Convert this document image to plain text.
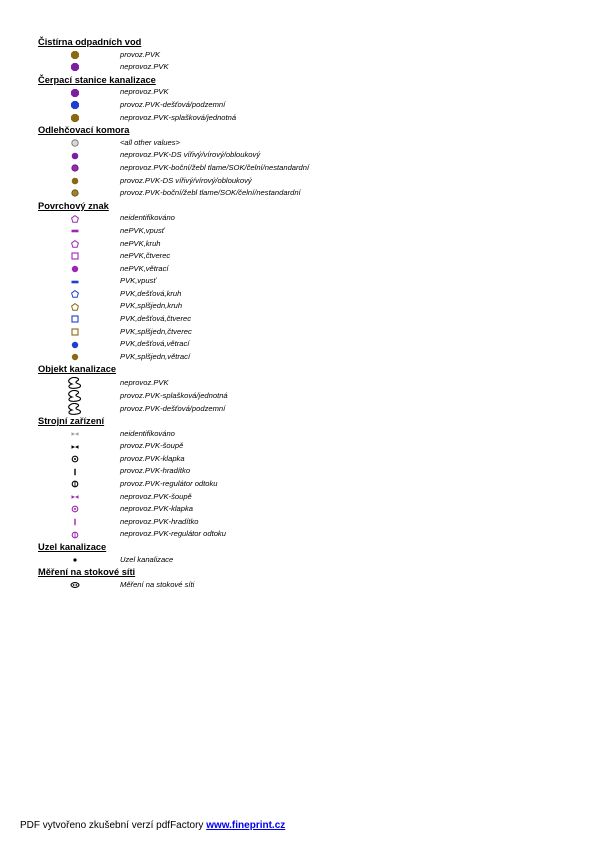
Čistírna odpadních vod
provoz.PVK
neprovoz.PVK
Čerpací stanice kanalizace
neprovoz.PVK
provoz.PVK-dešťová/podzemní
neprovoz.PVK-splašková/jednotná
Odlehčovací komora
<all other values>
neprovoz.PVK-DS vířivý/vírový/obloukový
neprovoz.PVK-boční/žebl tlame/SOK/čelní/nestandardní
provoz.PVK-DS vířivý/vírový/obloukový
provoz.PVK-boční/žebl tlame/SOK/čelní/nestandardní
Povrchový znak
neidentifikováno
nePVK,vpusť
nePVK,kruh
nePVK,čtverec
nePVK,větrací
PVK,vpusť
PVK,dešťová,kruh
PVK,splšjedn,kruh
PVK,dešťová,čtverec
PVK,splšjedn,čtverec
PVK,dešťová,větrací
PVK,splšjedn,větrací
Objekt kanalizace
neprovoz.PVK
provoz.PVK-splašková/jednotná
provoz.PVK-dešťová/podzemní
Strojní zařízení
neidentifikováno
provoz.PVK-šoupě
provoz.PVK-klapka
provoz.PVK-hradítko
provoz.PVK-regulátor odtoku
neprovoz.PVK-šoupě
neprovoz.PVK-klapka
neprovoz.PVK-hradítko
neprovoz.PVK-regulátor odtoku
Uzel kanalizace
Uzel kanalizace
Měření na stokové síti
Měření na stokové síti
PDF vytvořeno zkušební verzí pdfFactory www.fineprint.cz
